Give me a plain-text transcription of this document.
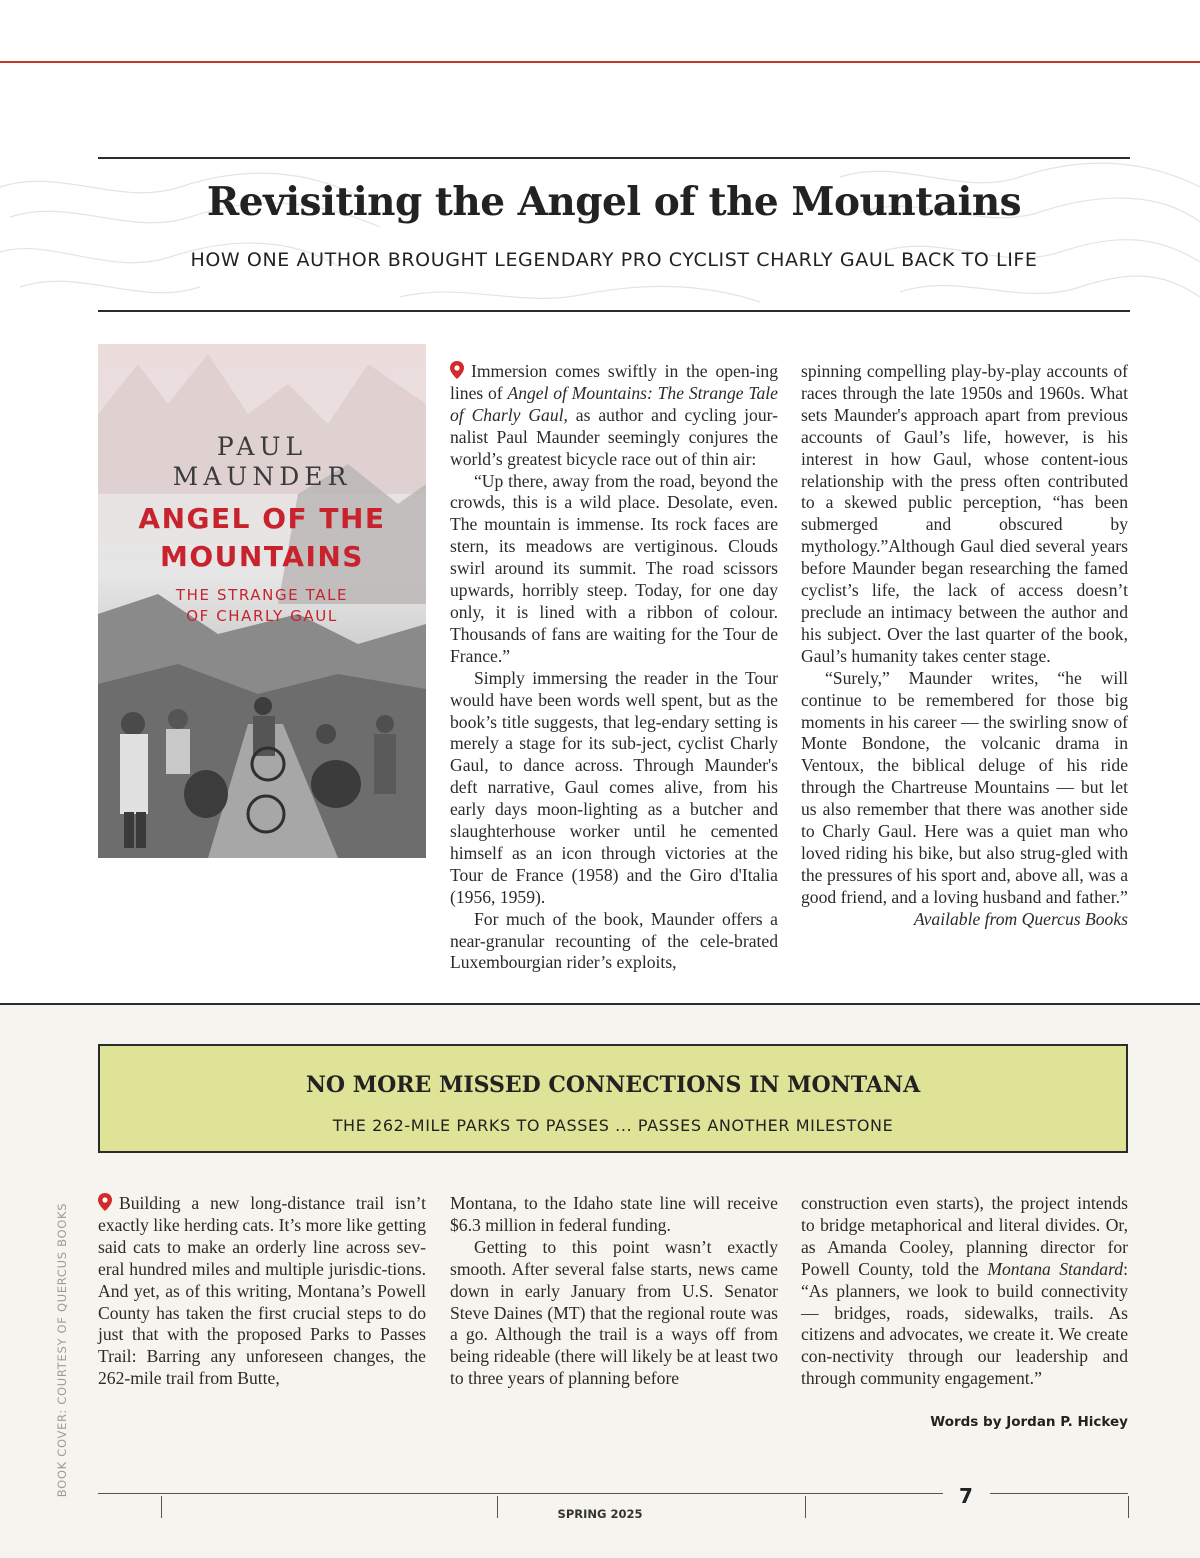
Revisiting the Angel of the Mountains
HOW ONE AUTHOR BROUGHT LEGENDARY PRO CYCLIST CHARLY GAUL BACK TO LIFE
PAUL
MAUNDER
ANGEL OF THE
MOUNTAINS
THE STRANGE TALE
OF CHARLY GAUL

Immersion comes swiftly in the open-ing lines of Angel of Mountains: The Strange Tale of Charly Gaul, as author and cycling jour-nalist Paul Maunder seemingly conjures the world’s greatest bicycle race out of thin air:

“Up there, away from the road, beyond the crowds, this is a wild place. Desolate, even. The mountain is immense. Its rock faces are stern, its meadows are vertiginous. Clouds swirl around its summit. The road scissors upwards, horribly steep. Today, for one day only, it is lined with a ribbon of colour. Thousands of fans are waiting for the Tour de France.”

Simply immersing the reader in the Tour would have been words well spent, but as the book’s title suggests, that leg-endary setting is merely a stage for its sub-ject, cyclist Charly Gaul, to dance across. Through Maunder's deft narrative, Gaul comes alive, from his early days moon-lighting as a butcher and slaughterhouse worker until he cemented himself as an icon through victories at the Tour de France (1958) and the Giro d'Italia (1956, 1959).

For much of the book, Maunder offers a near-granular recounting of the cele-brated Luxembourgian rider’s exploits,

spinning compelling play-by-play accounts of races through the late 1950s and 1960s. What sets Maunder's approach apart from previous accounts of Gaul’s life, however, is his interest in how Gaul, whose content-ious relationship with the press often contributed to a skewed public perception, “has been submerged and obscured by mythology.”Although Gaul died several years before Maunder began researching the famed cyclist’s life, the lack of access doesn’t preclude an intimacy between the author and his subject. Over the last quarter of the book, Gaul’s humanity takes center stage.

“Surely,” Maunder writes, “he will continue to be remembered for those big moments in his career — the swirling snow of Monte Bondone, the volcanic drama in Ventoux, the biblical deluge of his ride through the Chartreuse Mountains — but let us also remember that there was another side to Charly Gaul. Here was a quiet man who loved riding his bike, but also strug-gled with the pressures of his sport and, above all, was a good friend, and a loving husband and father.”

Available from Quercus Books

NO MORE MISSED CONNECTIONS IN MONTANA
THE 262-MILE PARKS TO PASSES ... PASSES ANOTHER MILESTONE

Building a new long-distance trail isn’t exactly like herding cats. It’s more like getting said cats to make an orderly line across sev-eral hundred miles and multiple jurisdic-tions. And yet, as of this writing, Montana’s Powell County has taken the first crucial steps to do just that with the proposed Parks to Passes Trail: Barring any unforeseen changes, the 262-mile trail from Butte,

Montana, to the Idaho state line will receive $6.3 million in federal funding.

Getting to this point wasn’t exactly smooth. After several false starts, news came down in early January from U.S. Senator Steve Daines (MT) that the regional route was a go. Although the trail is a ways off from being rideable (there will likely be at least two to three years of planning before

construction even starts), the project intends to bridge metaphorical and literal divides. Or, as Amanda Cooley, planning director for Powell County, told the Montana Standard: “As planners, we look to build connectivity — bridges, roads, sidewalks, trails. As citizens and advocates, we create it. We create con-nectivity through our leadership and through community engagement.”

Words by Jordan P. Hickey
BOOK COVER: COURTESY OF QUERCUS BOOKS
SPRING 2025
7
